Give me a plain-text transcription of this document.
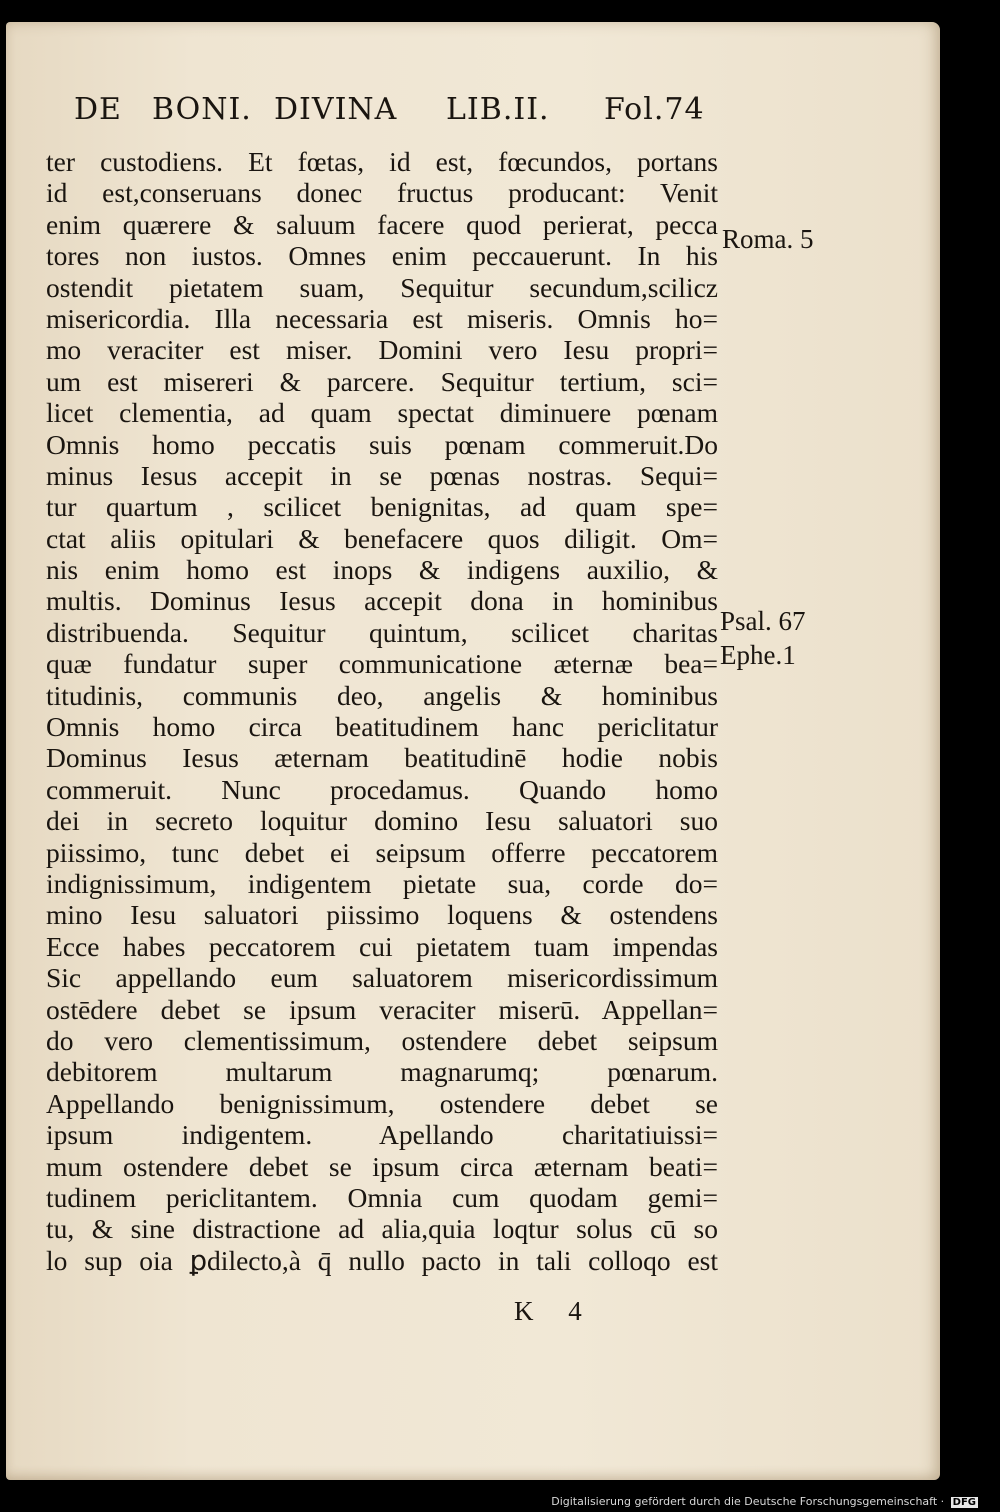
DE BONI. DIVINA LIB.II. Fol.74
ter custodiens. Et fœtas, id est, fœcundos, portans
id est,conseruans donec fructus producant: Venit
enim quærere & saluum facere quod perierat, pecca
tores non iustos. Omnes enim peccauerunt. In his
ostendit pietatem suam, Sequitur secundum,scilicz
misericordia. Illa necessaria est miseris. Omnis ho=
mo veraciter est miser. Domini vero Iesu propri=
um est misereri & parcere. Sequitur tertium, sci=
licet clementia, ad quam spectat diminuere pœnam
Omnis homo peccatis suis pœnam commeruit.Do
minus Iesus accepit in se pœnas nostras. Sequi=
tur quartum , scilicet benignitas, ad quam spe=
ctat aliis opitulari & benefacere quos diligit. Om=
nis enim homo est inops & indigens auxilio, &
multis. Dominus Iesus accepit dona in hominibus
distribuenda. Sequitur quintum, scilicet charitas
quæ fundatur super communicatione æternæ bea=
titudinis, communis deo, angelis & hominibus
Omnis homo circa beatitudinem hanc periclitatur
Dominus Iesus æternam beatitudinē hodie nobis
commeruit. Nunc procedamus. Quando homo
dei in secreto loquitur domino Iesu saluatori suo
piissimo, tunc debet ei seipsum offerre peccatorem
indignissimum, indigentem pietate sua, corde do=
mino Iesu saluatori piissimo loquens & ostendens
Ecce habes peccatorem cui pietatem tuam impendas
Sic appellando eum saluatorem misericordissimum
ostēdere debet se ipsum veraciter miserū. Appellan=
do vero clementissimum, ostendere debet seipsum
debitorem multarum magnarumq; pœnarum.
Appellando benignissimum, ostendere debet se
ipsum indigentem. Apellando charitatiuissi=
mum ostendere debet se ipsum circa æternam beati=
tudinem periclitantem. Omnia cum quodam gemi=
tu, & sine distractione ad alia,quia loqtur solus cū so
lo sup oia ꝑdilecto,à q̄ nullo pacto in tali colloqo est
Roma. 5
Psal. 67
Ephe.1
K 4
Digitalisierung gefördert durch die Deutsche Forschungsgemeinschaft · DFG
